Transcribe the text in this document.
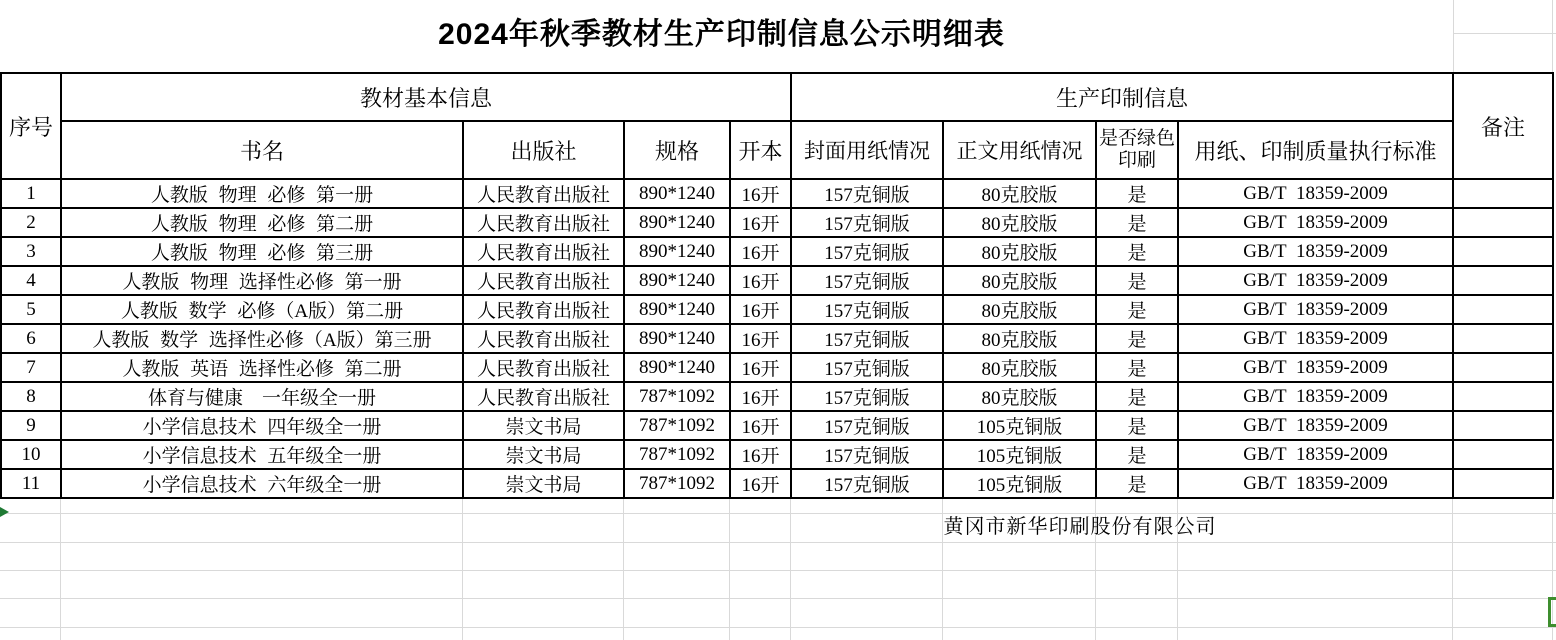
2024年秋季教材生产印制信息公示明细表
序号	教材基本信息				生产印制信息				备注
	书名	出版社	规格	开本	封面用纸情况	正文用纸情况	是否绿色印刷	用纸、印制质量执行标准	
1	人教版 物理 必修 第一册	人民教育出版社	890*1240	16开	157克铜版	80克胶版	是	GB/T 18359-2009	
2	人教版 物理 必修 第二册	人民教育出版社	890*1240	16开	157克铜版	80克胶版	是	GB/T 18359-2009	
3	人教版 物理 必修 第三册	人民教育出版社	890*1240	16开	157克铜版	80克胶版	是	GB/T 18359-2009	
4	人教版 物理 选择性必修 第一册	人民教育出版社	890*1240	16开	157克铜版	80克胶版	是	GB/T 18359-2009	
5	人教版 数学 必修（A版）第二册	人民教育出版社	890*1240	16开	157克铜版	80克胶版	是	GB/T 18359-2009	
6	人教版 数学 选择性必修（A版）第三册	人民教育出版社	890*1240	16开	157克铜版	80克胶版	是	GB/T 18359-2009	
7	人教版 英语 选择性必修 第二册	人民教育出版社	890*1240	16开	157克铜版	80克胶版	是	GB/T 18359-2009	
8	体育与健康　一年级全一册	人民教育出版社	787*1092	16开	157克铜版	80克胶版	是	GB/T 18359-2009	
9	小学信息技术 四年级全一册	崇文书局	787*1092	16开	157克铜版	105克铜版	是	GB/T 18359-2009	
10	小学信息技术 五年级全一册	崇文书局	787*1092	16开	157克铜版	105克铜版	是	GB/T 18359-2009	
11	小学信息技术 六年级全一册	崇文书局	787*1092	16开	157克铜版	105克铜版	是	GB/T 18359-2009	
黄冈市新华印刷股份有限公司
